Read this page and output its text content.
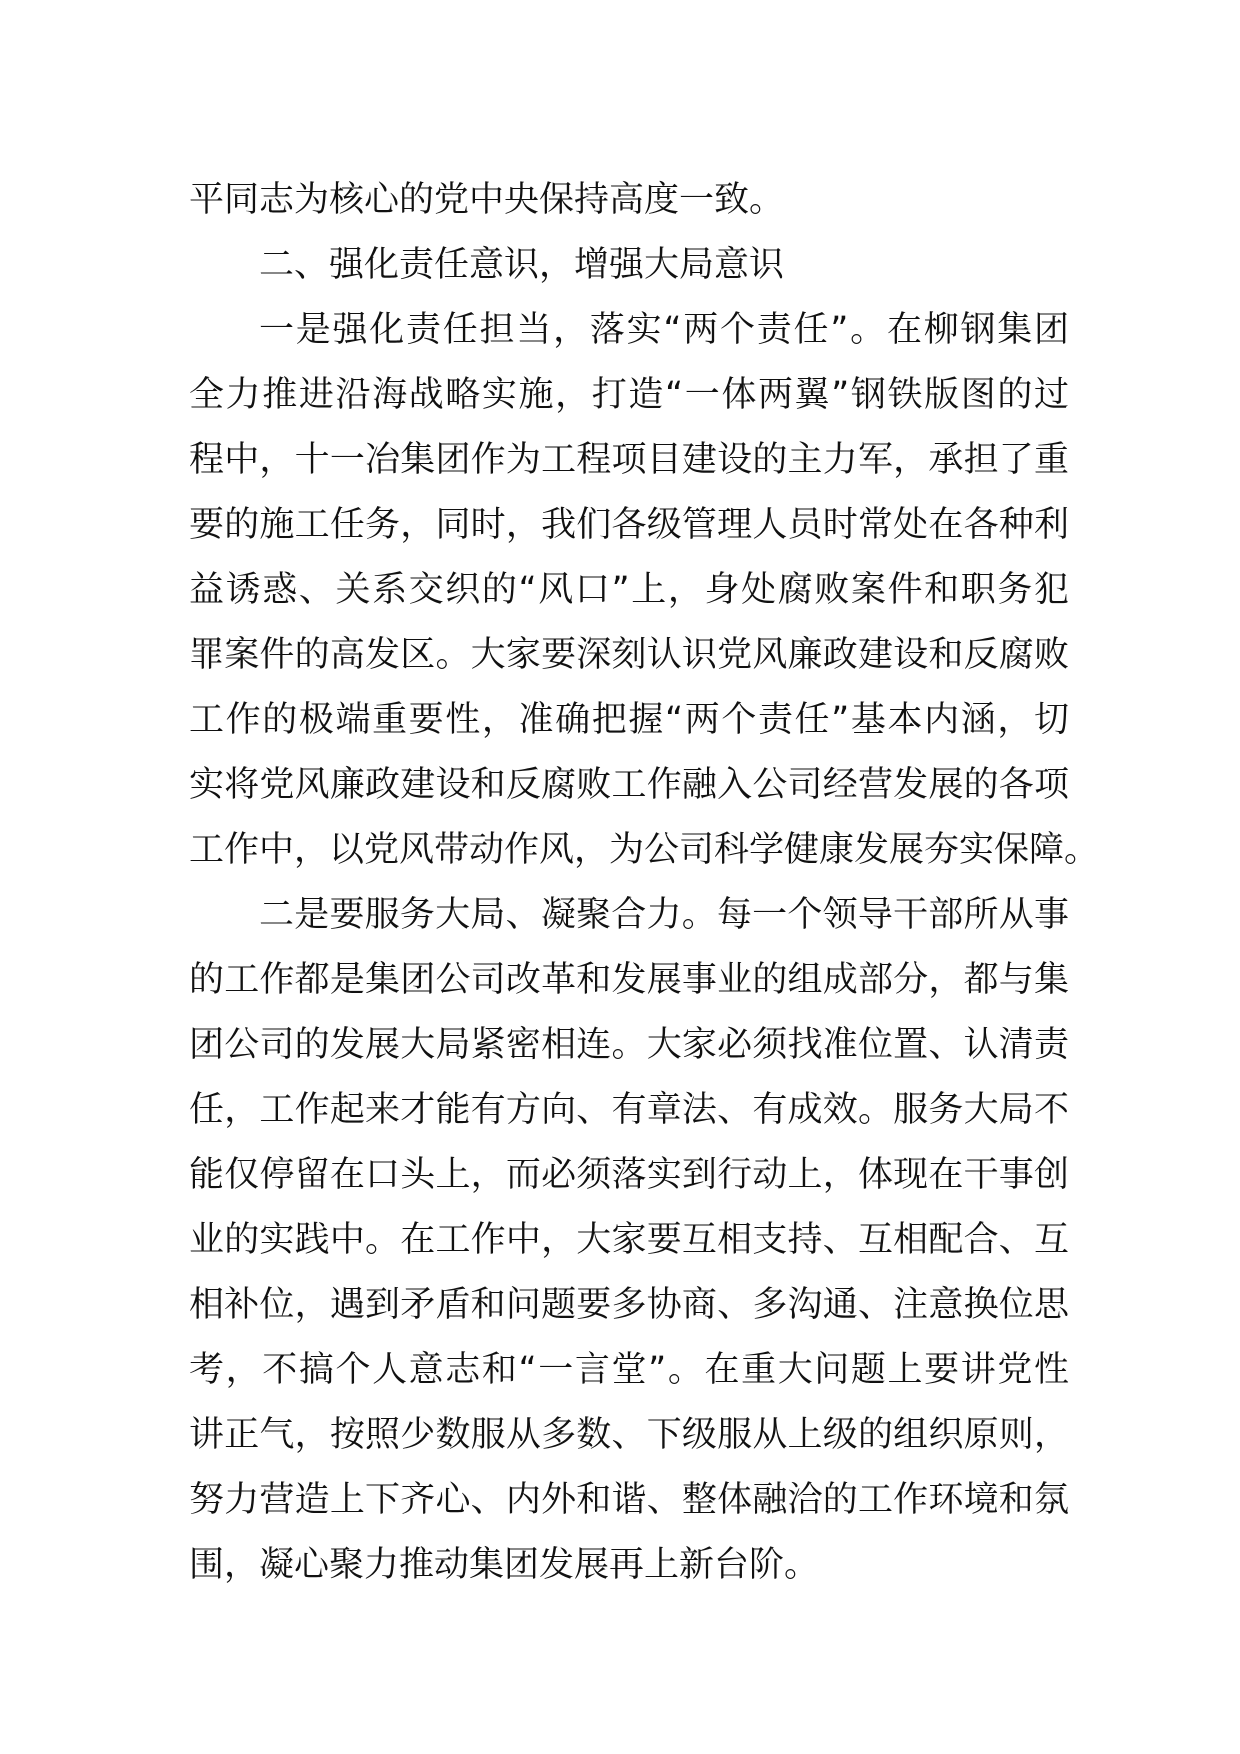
平同志为核心的党中央保持高度一致。
二、强化责任意识，增强大局意识
一是强化责任担当，落实“两个责任”。在柳钢集团
全力推进沿海战略实施，打造“一体两翼”钢铁版图的过
程中，十一冶集团作为工程项目建设的主力军，承担了重
要的施工任务，同时，我们各级管理人员时常处在各种利
益诱惑、关系交织的“风口”上，身处腐败案件和职务犯
罪案件的高发区。大家要深刻认识党风廉政建设和反腐败
工作的极端重要性，准确把握“两个责任”基本内涵，切
实将党风廉政建设和反腐败工作融入公司经营发展的各项
工作中，以党风带动作风，为公司科学健康发展夯实保障。
二是要服务大局、凝聚合力。每一个领导干部所从事
的工作都是集团公司改革和发展事业的组成部分，都与集
团公司的发展大局紧密相连。大家必须找准位置、认清责
任，工作起来才能有方向、有章法、有成效。服务大局不
能仅停留在口头上，而必须落实到行动上，体现在干事创
业的实践中。在工作中，大家要互相支持、互相配合、互
相补位，遇到矛盾和问题要多协商、多沟通、注意换位思
考，不搞个人意志和“一言堂”。在重大问题上要讲党性
讲正气，按照少数服从多数、下级服从上级的组织原则，
努力营造上下齐心、内外和谐、整体融洽的工作环境和氛
围，凝心聚力推动集团发展再上新台阶。
